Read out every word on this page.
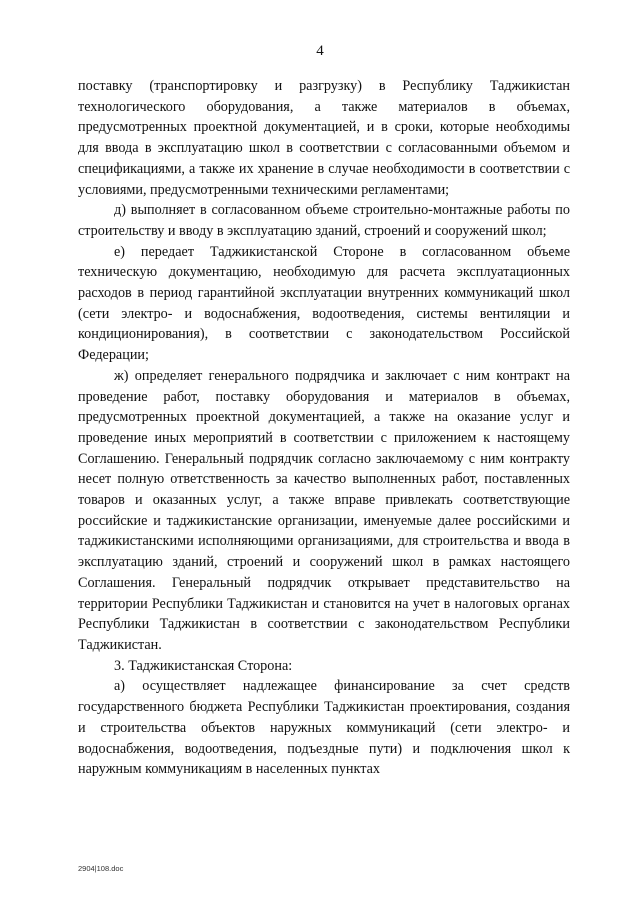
4

поставку (транспортировку и разгрузку) в Республику Таджикистан технологического оборудования, а также материалов в объемах, предусмотренных проектной документацией, и в сроки, которые необходимы для ввода в эксплуатацию школ в соответствии с согласованными объемом и спецификациями, а также их хранение в случае необходимости в соответствии с условиями, предусмотренными техническими регламентами;

д) выполняет в согласованном объеме строительно-монтажные работы по строительству и вводу в эксплуатацию зданий, строений и сооружений школ;

е) передает Таджикистанской Стороне в согласованном объеме техническую документацию, необходимую для расчета эксплуатационных расходов в период гарантийной эксплуатации внутренних коммуникаций школ (сети электро- и водоснабжения, водоотведения, системы вентиляции и кондиционирования), в соответствии с законодательством Российской Федерации;

ж) определяет генерального подрядчика и заключает с ним контракт на проведение работ, поставку оборудования и материалов в объемах, предусмотренных проектной документацией, а также на оказание услуг и проведение иных мероприятий в соответствии с приложением к настоящему Соглашению. Генеральный подрядчик согласно заключаемому с ним контракту несет полную ответственность за качество выполненных работ, поставленных товаров и оказанных услуг, а также вправе привлекать соответствующие российские и таджикистанские организации, именуемые далее российскими и таджикистанскими исполняющими организациями, для строительства и ввода в эксплуатацию зданий, строений и сооружений школ в рамках настоящего Соглашения. Генеральный подрядчик открывает представительство на территории Республики Таджикистан и становится на учет в налоговых органах Республики Таджикистан в соответствии с законодательством Республики Таджикистан.

3. Таджикистанская Сторона:

а) осуществляет надлежащее финансирование за счет средств государственного бюджета Республики Таджикистан проектирования, создания и строительства объектов наружных коммуникаций (сети электро- и водоснабжения, водоотведения, подъездные пути) и подключения школ к наружным коммуникациям в населенных пунктах

2904|108.doc
